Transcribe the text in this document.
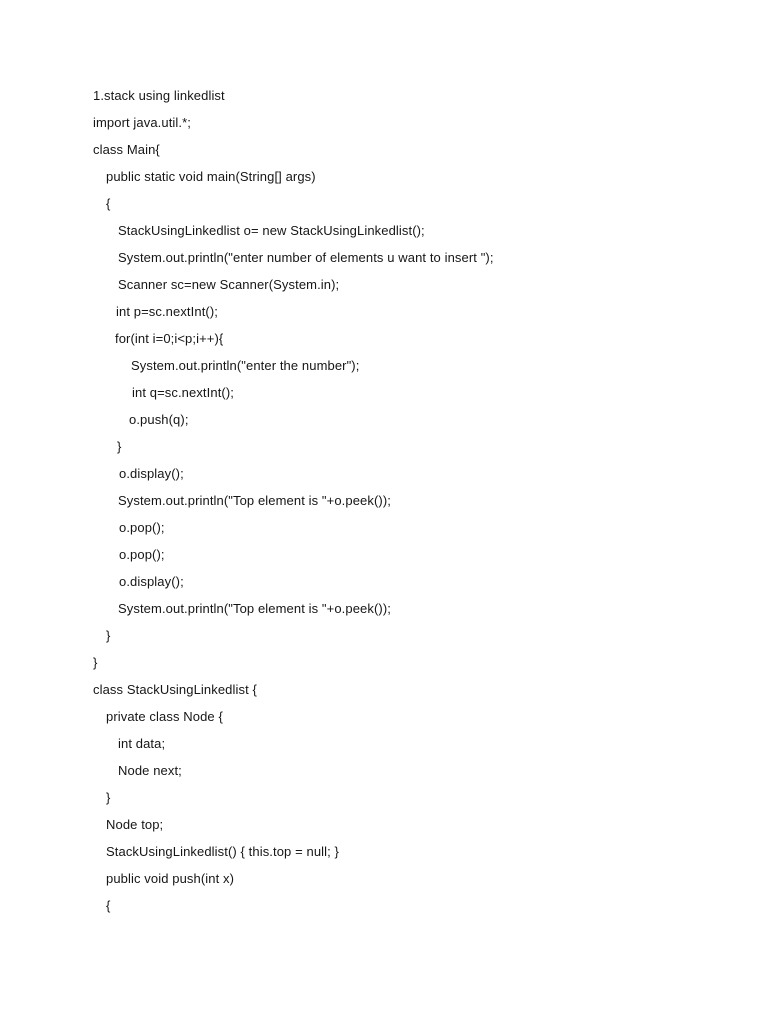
1.stack using linkedlist
import java.util.*;
class Main{
public static void main(String[] args)
{
StackUsingLinkedlist o= new StackUsingLinkedlist();
System.out.println("enter number of elements u want to insert ");
Scanner sc=new Scanner(System.in);
int p=sc.nextInt();
for(int i=0;i<p;i++){
System.out.println("enter the number");
int q=sc.nextInt();
o.push(q);
}
o.display();
System.out.println("Top element is "+o.peek());
o.pop();
o.pop();
o.display();
System.out.println("Top element is "+o.peek());
}
}
class StackUsingLinkedlist {
private class Node {
int data;
Node next;
}
Node top;
StackUsingLinkedlist() { this.top = null; }
public void push(int x)
{
